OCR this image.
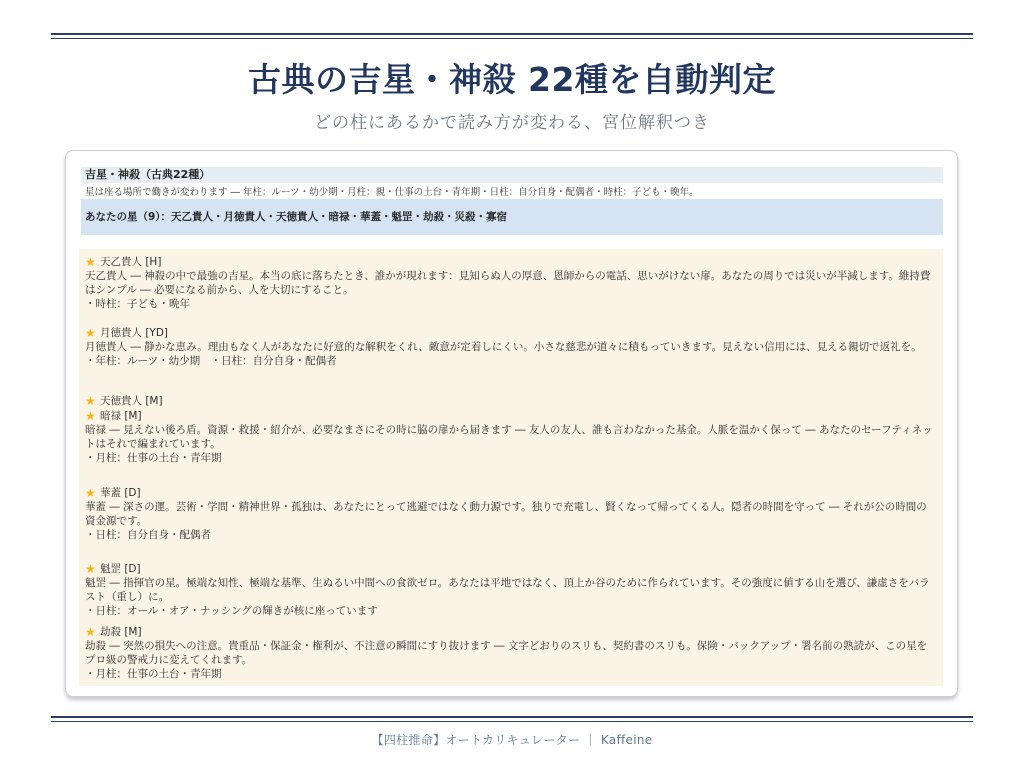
古典の吉星・神殺 22種を自動判定
どの柱にあるかで読み方が変わる、宮位解釈つき
吉星・神殺（古典22種）
星は座る場所で働きが変わります ― 年柱：ルーツ・幼少期・月柱：親・仕事の土台・青年期・日柱：自分自身・配偶者・時柱：子ども・晩年。
あなたの星（9）：天乙貴人・月徳貴人・天徳貴人・暗禄・華蓋・魁罡・劫殺・災殺・寡宿
★ 天乙貴人 [H]
天乙貴人 ― 神殺の中で最強の吉星。本当の底に落ちたとき、誰かが現れます：見知らぬ人の厚意、恩師からの電話、思いがけない扉。あなたの周りでは災いが半減します。維持費はシンプル ― 必要になる前から、人を大切にすること。
・時柱：子ども・晩年
★ 月徳貴人 [YD]
月徳貴人 ― 静かな恵み。理由もなく人があなたに好意的な解釈をくれ、敵意が定着しにくい。小さな慈悲が道々に積もっていきます。見えない信用には、見える親切で返礼を。
・年柱：ルーツ・幼少期　・日柱：自分自身・配偶者
★ 天徳貴人 [M]
★ 暗禄 [M]
暗禄 ― 見えない後ろ盾。資源・救援・紹介が、必要なまさにその時に脇の扉から届きます ― 友人の友人、誰も言わなかった基金。人脈を温かく保って ― あなたのセーフティネットはそれで編まれています。
・月柱：仕事の土台・青年期
★ 華蓋 [D]
華蓋 ― 深さの運。芸術・学問・精神世界・孤独は、あなたにとって逃避ではなく動力源です。独りで充電し、賢くなって帰ってくる人。隠者の時間を守って ― それが公の時間の資金源です。
・日柱：自分自身・配偶者
★ 魁罡 [D]
魁罡 ― 指揮官の星。極端な知性、極端な基準、生ぬるい中間への食欲ゼロ。あなたは平地ではなく、頂上か谷のために作られています。その強度に値する山を選び、謙虚さをバラスト（重し）に。
・日柱：オール・オア・ナッシングの輝きが核に座っています
★ 劫殺 [M]
劫殺 ― 突然の損失への注意。貴重品・保証金・権利が、不注意の瞬間にすり抜けます ― 文字どおりのスリも、契約書のスリも。保険・バックアップ・署名前の熟読が、この星をプロ級の警戒力に変えてくれます。
・月柱：仕事の土台・青年期
【四柱推命】オートカリキュレーター ｜ Kaffeine
